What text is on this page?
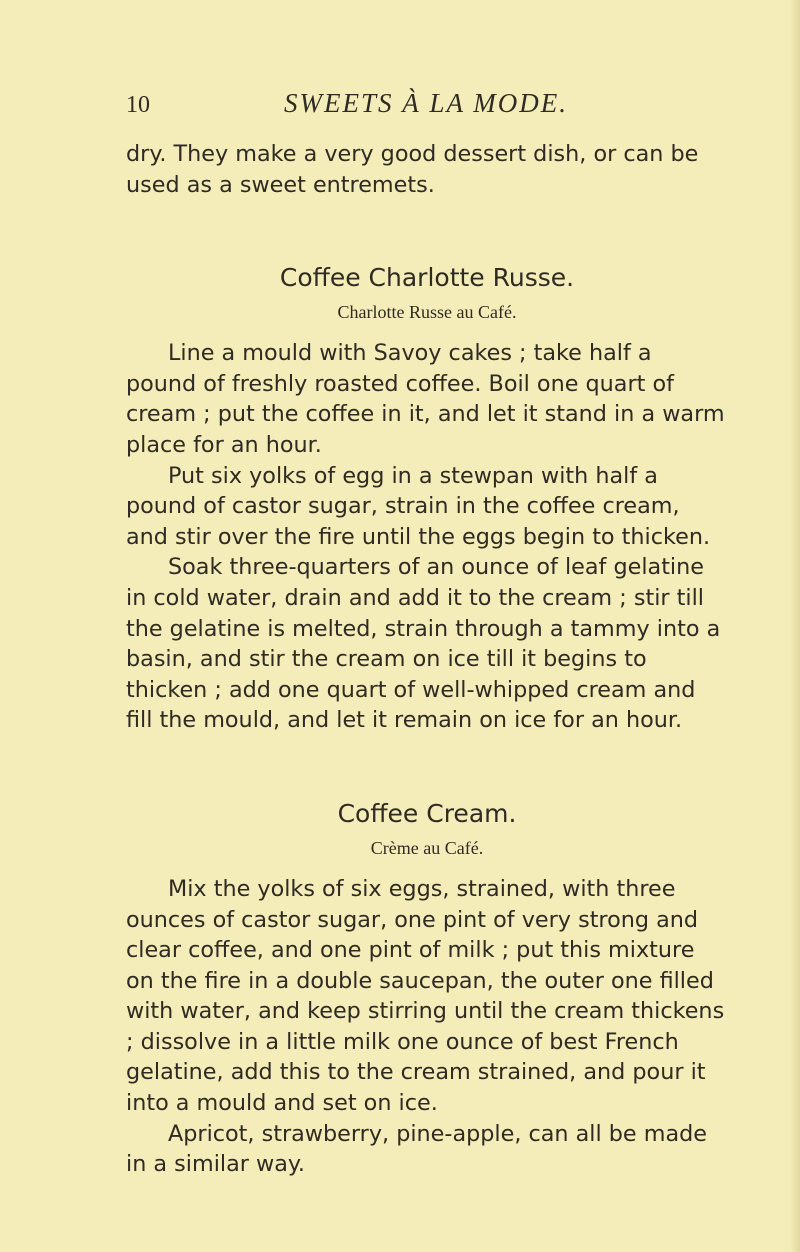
10	SWEETS À LA MODE.

dry. They make a very good dessert dish, or can be used as a sweet entremets.

Coffee Charlotte Russe.
Charlotte Russe au Café.

Line a mould with Savoy cakes ; take half a pound of freshly roasted coffee. Boil one quart of cream ; put the coffee in it, and let it stand in a warm place for an hour.

Put six yolks of egg in a stewpan with half a pound of castor sugar, strain in the coffee cream, and stir over the fire until the eggs begin to thicken.

Soak three-quarters of an ounce of leaf gelatine in cold water, drain and add it to the cream ; stir till the gelatine is melted, strain through a tammy into a basin, and stir the cream on ice till it begins to thicken ; add one quart of well-whipped cream and fill the mould, and let it remain on ice for an hour.

Coffee Cream.
Crème au Café.

Mix the yolks of six eggs, strained, with three ounces of castor sugar, one pint of very strong and clear coffee, and one pint of milk ; put this mixture on the fire in a double saucepan, the outer one filled with water, and keep stirring until the cream thickens ; dissolve in a little milk one ounce of best French gelatine, add this to the cream strained, and pour it into a mould and set on ice.

Apricot, strawberry, pine-apple, can all be made in a similar way.
